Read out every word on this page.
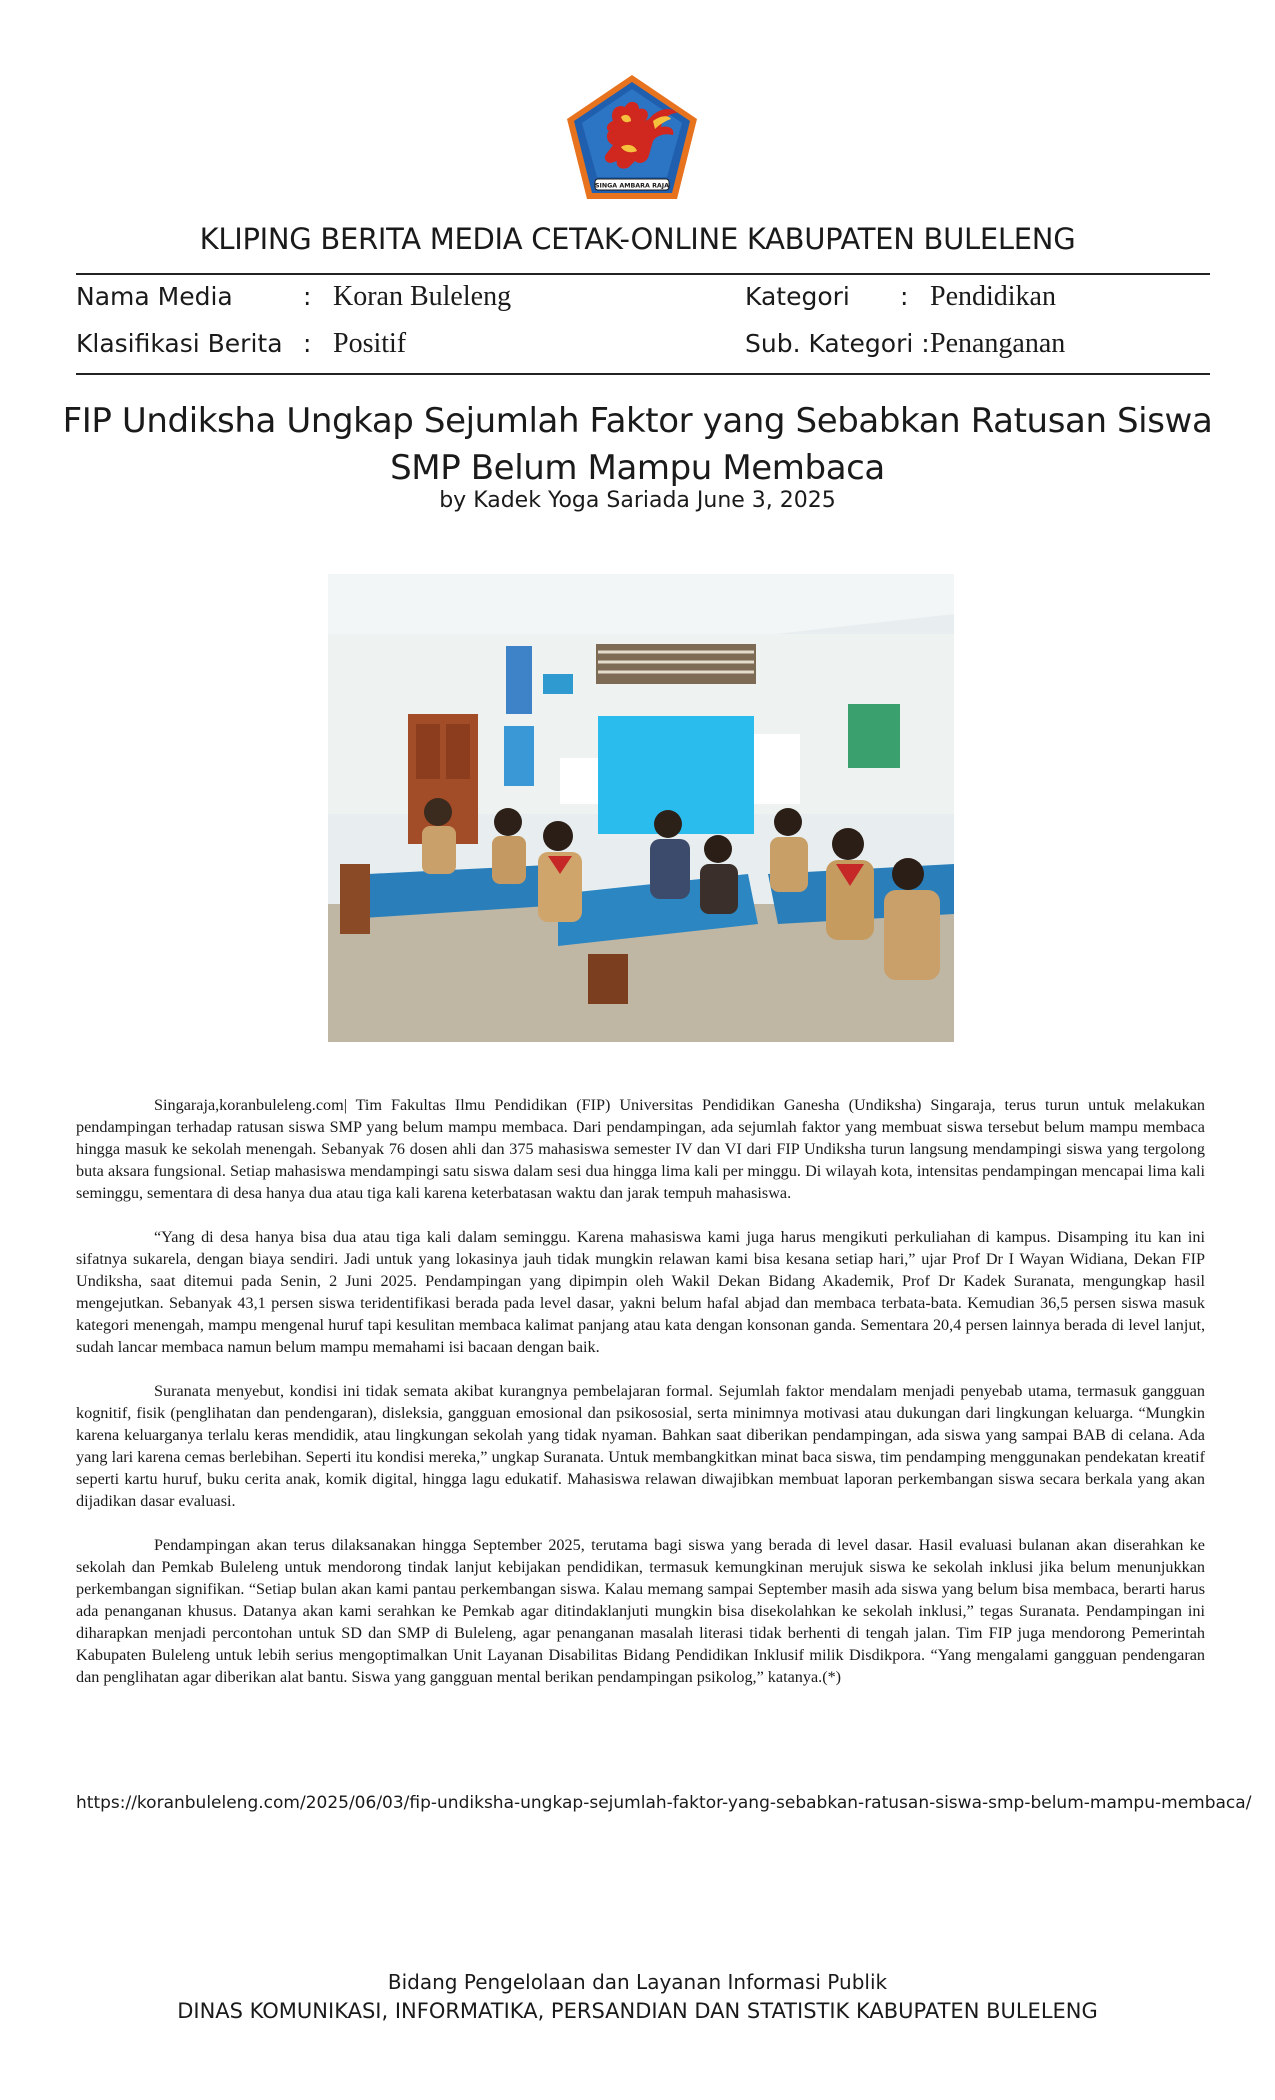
SINGA AMBARA RAJA
KLIPING BERITA MEDIA CETAK-ONLINE KABUPATEN BULELENG
Nama Media	: Koran Buleleng	Kategori : Pendidikan
Klasifikasi Berita : Positif	Sub. Kategori : Penanganan
FIP Undiksha Ungkap Sejumlah Faktor yang Sebabkan Ratusan Siswa SMP Belum Mampu Membaca
by Kadek Yoga Sariada June 3, 2025

Singaraja,koranbuleleng.com| Tim Fakultas Ilmu Pendidikan (FIP) Universitas Pendidikan Ganesha (Undiksha) Singaraja, terus turun untuk melakukan pendampingan terhadap ratusan siswa SMP yang belum mampu membaca. Dari pendampingan, ada sejumlah faktor yang membuat siswa tersebut belum mampu membaca hingga masuk ke sekolah menengah. Sebanyak 76 dosen ahli dan 375 mahasiswa semester IV dan VI dari FIP Undiksha turun langsung mendampingi siswa yang tergolong buta aksara fungsional. Setiap mahasiswa mendampingi satu siswa dalam sesi dua hingga lima kali per minggu. Di wilayah kota, intensitas pendampingan mencapai lima kali seminggu, sementara di desa hanya dua atau tiga kali karena keterbatasan waktu dan jarak tempuh mahasiswa.

“Yang di desa hanya bisa dua atau tiga kali dalam seminggu. Karena mahasiswa kami juga harus mengikuti perkuliahan di kampus. Disamping itu kan ini sifatnya sukarela, dengan biaya sendiri. Jadi untuk yang lokasinya jauh tidak mungkin relawan kami bisa kesana setiap hari,” ujar Prof Dr I Wayan Widiana, Dekan FIP Undiksha, saat ditemui pada Senin, 2 Juni 2025. Pendampingan yang dipimpin oleh Wakil Dekan Bidang Akademik, Prof Dr Kadek Suranata, mengungkap hasil mengejutkan. Sebanyak 43,1 persen siswa teridentifikasi berada pada level dasar, yakni belum hafal abjad dan membaca terbata-bata. Kemudian 36,5 persen siswa masuk kategori menengah, mampu mengenal huruf tapi kesulitan membaca kalimat panjang atau kata dengan konsonan ganda. Sementara 20,4 persen lainnya berada di level lanjut, sudah lancar membaca namun belum mampu memahami isi bacaan dengan baik.

Suranata menyebut, kondisi ini tidak semata akibat kurangnya pembelajaran formal. Sejumlah faktor mendalam menjadi penyebab utama, termasuk gangguan kognitif, fisik (penglihatan dan pendengaran), disleksia, gangguan emosional dan psikososial, serta minimnya motivasi atau dukungan dari lingkungan keluarga. “Mungkin karena keluarganya terlalu keras mendidik, atau lingkungan sekolah yang tidak nyaman. Bahkan saat diberikan pendampingan, ada siswa yang sampai BAB di celana. Ada yang lari karena cemas berlebihan. Seperti itu kondisi mereka,” ungkap Suranata. Untuk membangkitkan minat baca siswa, tim pendamping menggunakan pendekatan kreatif seperti kartu huruf, buku cerita anak, komik digital, hingga lagu edukatif. Mahasiswa relawan diwajibkan membuat laporan perkembangan siswa secara berkala yang akan dijadikan dasar evaluasi.

Pendampingan akan terus dilaksanakan hingga September 2025, terutama bagi siswa yang berada di level dasar. Hasil evaluasi bulanan akan diserahkan ke sekolah dan Pemkab Buleleng untuk mendorong tindak lanjut kebijakan pendidikan, termasuk kemungkinan merujuk siswa ke sekolah inklusi jika belum menunjukkan perkembangan signifikan. “Setiap bulan akan kami pantau perkembangan siswa. Kalau memang sampai September masih ada siswa yang belum bisa membaca, berarti harus ada penanganan khusus. Datanya akan kami serahkan ke Pemkab agar ditindaklanjuti mungkin bisa disekolahkan ke sekolah inklusi,” tegas Suranata. Pendampingan ini diharapkan menjadi percontohan untuk SD dan SMP di Buleleng, agar penanganan masalah literasi tidak berhenti di tengah jalan. Tim FIP juga mendorong Pemerintah Kabupaten Buleleng untuk lebih serius mengoptimalkan Unit Layanan Disabilitas Bidang Pendidikan Inklusif milik Disdikpora. “Yang mengalami gangguan pendengaran dan penglihatan agar diberikan alat bantu. Siswa yang gangguan mental berikan pendampingan psikolog,” katanya.(*)

https://koranbuleleng.com/2025/06/03/fip-undiksha-ungkap-sejumlah-faktor-yang-sebabkan-ratusan-siswa-smp-belum-mampu-membaca/
Bidang Pengelolaan dan Layanan Informasi Publik
DINAS KOMUNIKASI, INFORMATIKA, PERSANDIAN DAN STATISTIK KABUPATEN BULELENG
